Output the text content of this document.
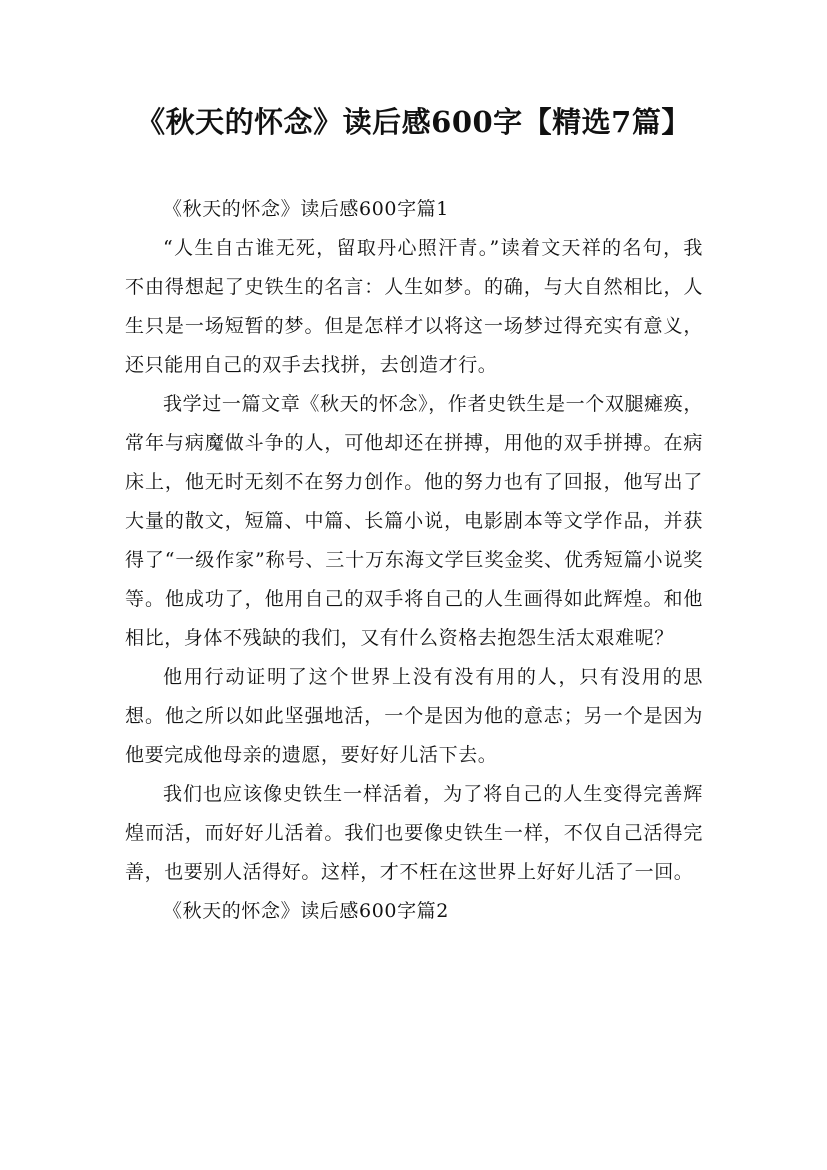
《秋天的怀念》读后感600字【精选7篇】
《秋天的怀念》读后感600字篇1

“人生自古谁无死，留取丹心照汗青。”读着文天祥的名句，我不由得想起了史铁生的名言：人生如梦。的确，与大自然相比，人生只是一场短暂的梦。但是怎样才以将这一场梦过得充实有意义，还只能用自己的双手去找拼，去创造才行。

我学过一篇文章《秋天的怀念》，作者史铁生是一个双腿瘫痪，常年与病魔做斗争的人，可他却还在拼搏，用他的双手拼搏。在病床上，他无时无刻不在努力创作。他的努力也有了回报，他写出了大量的散文，短篇、中篇、长篇小说，电影剧本等文学作品，并获得了“一级作家”称号、三十万东海文学巨奖金奖、优秀短篇小说奖等。他成功了，他用自己的双手将自己的人生画得如此辉煌。和他相比，身体不残缺的我们，又有什么资格去抱怨生活太艰难呢？

他用行动证明了这个世界上没有没有用的人，只有没用的思想。他之所以如此坚强地活，一个是因为他的意志；另一个是因为他要完成他母亲的遗愿，要好好儿活下去。

我们也应该像史铁生一样活着，为了将自己的人生变得完善辉煌而活，而好好儿活着。我们也要像史铁生一样，不仅自己活得完善，也要别人活得好。这样，才不枉在这世界上好好儿活了一回。

《秋天的怀念》读后感600字篇2
